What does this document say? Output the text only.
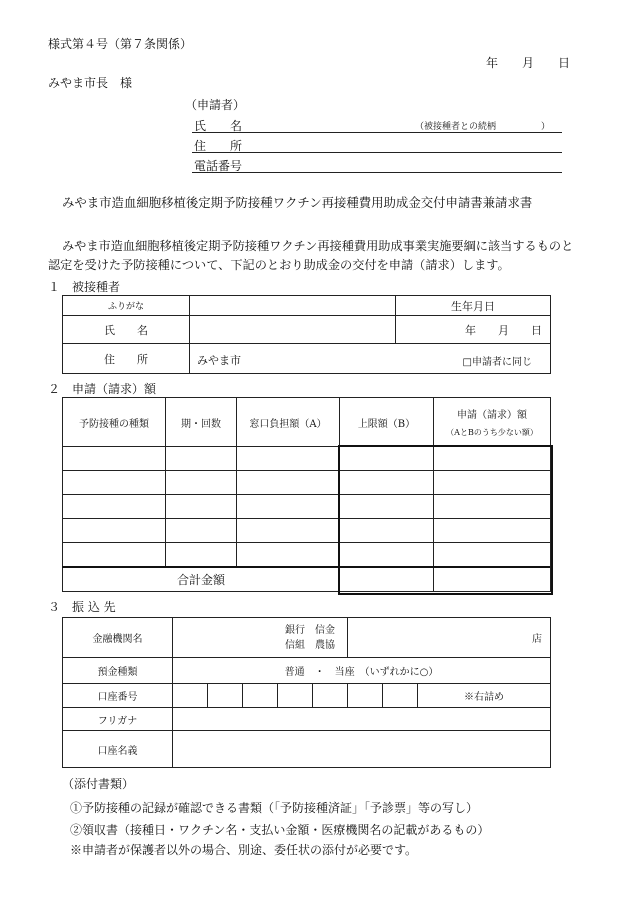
様式第４号（第７条関係）
年　　月　　日
みやま市長　様
（申請者）
氏　　名	（被接種者との続柄　　　　　）
住　　所
電話番号
みやま市造血細胞移植後定期予防接種ワクチン再接種費用助成金交付申請書兼請求書
みやま市造血細胞移植後定期予防接種ワクチン再接種費用助成事業実施要綱に該当するものと
認定を受けた予防接種について、下記のとおり助成金の交付を申請（請求）します。
１　被接種者
ふりがな		生年月日
氏　　名		年　　月　　日
住　　所	みやま市 □申請者に同じ	
２　申請（請求）額
予防接種の種類	期・回数	窓口負担額（A）	上限額（B）	申請（請求）額
（AとBのうち少ない額）

合計金額				
３　振 込 先
金融機関名	銀行　信金
信組　農協					店		
預金種類	普通　・　当座　（いずれかに○）							
口座番号								※右詰め
フリガナ								
口座名義								
（添付書類）
①予防接種の記録が確認できる書類（「予防接種済証」「予診票」等の写し）
②領収書（接種日・ワクチン名・支払い金額・医療機関名の記載があるもの）
※申請者が保護者以外の場合、別途、委任状の添付が必要です。
